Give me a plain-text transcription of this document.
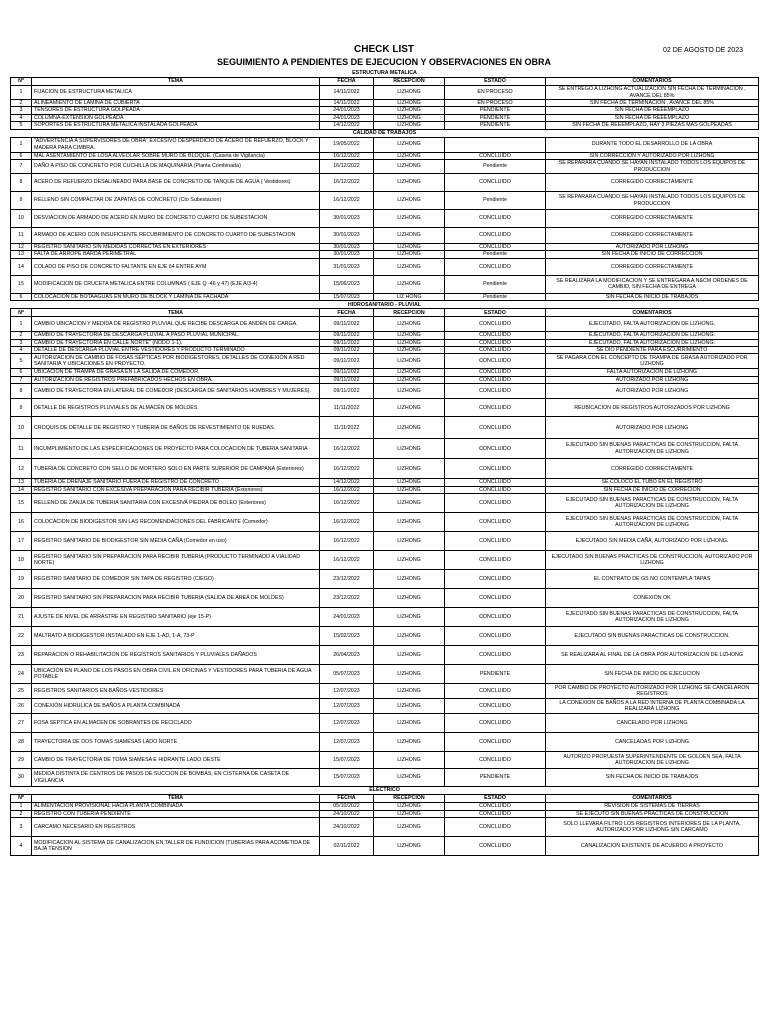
CHECK LIST
SEGUIMIENTO A PENDIENTES DE EJECUCION Y OBSERVACIONES EN OBRA
02 DE AGOSTO DE 2023
ESTRUCTURA METALICA					
Nº	TEMA	FECHA	RECEPCION	ESTADO	COMENTARIOS
1	FIJACION DE ESTRUCTURA METALICA	14/11/2022	LIZHONG	EN PROCESO	SE ENTREGO A LIZHONG ACTUALIZACION SIN FECHA DE TERMINACION , AVANCE DEL 85%
2	ALINEAMIENTO DE LAMINA DE CUBIERTA	14/11/2022	LIZHONG	EN PROCESO	SIN FECHA DE TERMINACION , AVANCE DEL 85%
3	TENSORES DE ESTRUCTURA GOLPEADA	24/01/2023	LIZHONG	PENDIENTE	SIN FECHA DE REEEMPLAZO
4	COLUMNA-EXTENSION GOLPEADA	24/01/2023	LIZHONG	PENDIENTE	SIN FECHA DE REEEMPLAZO
5	SOPORTES DE ESTRUCTURA METALICA INSTALADA GOLPEADA	14/12/2022	LIZHONG	PENDIENTE	SIN FECHA DE REEEMPLAZO, HAY 3 PIEZAS MAS GOLPEADAS
CALIDAD DE TRABAJOS					
1	"ADVERTENCIA A SUPERVISORES DE OBRA" EXCESIVO DESPERDICIO DE ACERO DE REFUERZO, BLOCK Y MADERA PARA CIMBRA.	19/05/2022	LIZHONG		DURANTE TODO EL DESARROLLO DE LA OBRA
6	MAL ASENTAMIENTO DE LOSA ALVEOLAR SOBRE MURO DE BLOQUE. (Caseta de Vigilancia)	16/12/2022	LIZHONG	CONCLUIDO	SIN CORRECCION Y AUTORIZADO POR LIZHONG
7	DAÑO A PISO DE CONCRETO POR CUCHILLA DE MAQUINARIA (Planta Combinada)	16/12/2022	LIZHONG	Pendiente	SE REPARARA CUANDO SE HAYAN INSTALADO TODOS LOS EQUIPOS DE PRODUCCION
8	ACERO DE REFUERZO DESALINEADO PARA BASE DE CONCRETO DE TANQUE DE AGUA ( Vestidores)	16/12/2022	LIZHONG	CONCLUIDO	CORREGIDO CORRECTAMENTE
9	RELLENO SIN COMPACTAR DE ZAPATAS DE CONCRETO (Cto Subestacion)	16/12/2022	LIZHONG	Pendiente	SE REPARARA CUANDO SE HAYAN INSTALADO TODOS LOS EQUIPOS DE PRODUCCION
10	DESVIACION DE ARMADO DE ACERO EN MURO DE CONCRETO CUARTO DE SUBESTACION	30/01/2023	LIZHONG	CONCLUIDO	CORREGIDO CORRECTAMENTE
11	ARMADO DE ACERO CON INSUFICIENTE RECUBRIMIENTO DE CONCRETO CUARTO DE SUBESTACION	30/01/2023	LIZHONG	CONCLUIDO	CORREGIDO CORRECTAMENTE
12	REGISTRO SANITARIO SIN MEDIDAS CORRECTAS EN EXTERIORES	30/01/2023	LIZHONG	CONCLUIDO	AUTORIZADO POR LIZHONG
13	FALTA DE ARROPE BARDA PERIMETRAL	30/01/2023	LIZHONG	Pendiente	SIN FECHA DE INICIO DE CORRECCION
14	COLADO DE PISO DE CONCRETO FALTANTE EN EJE 64 ENTRE AYM	31/01/2023	LIZHONG	CONCLUIDO	CORREGIDO CORRECTAMENTE
15	MODIFICACION DE CRUCETA METALICA ENTRE COLUMNAS ( EJE Q -46 y 47) (EJE A/3-4)	15/06/2023	LIZHONG	Pendiente	SE REALIZARA LA MODIFICACION Y SE ENTREGARA A N&CM ORDENES DE CAMBIO, SIN FECHA DE ENTREGA
6	COLOCACION DE BOTAAGUAS EN MURO DE BLOCK Y LAMINA DE FACHADA	15/07/2023	LIZ HONG	Pendiente	SIN FECHA DE INICIO DE TRABAJOS
HIDROSANITARIO - PLUVIAL					
Nº	TEMA	FECHA	RECEPCION	ESTADO	COMENTARIOS
1	CAMBIO UBICACION Y MEDIDA DE REGISTRO PLUVIAL QUE RECIBE DESCARGA DE ANDÉN DE CARGA.	09/11/2022	LIZHONG	CONCLUIDO	EJECUTADO, FALTA AUTORIZACION DE LIZHONG.
2	CAMBIO DE TRAYECTORIA DE DESCARGA PLUVIAL A PASO PLUVIAL MUNICIPAL.	09/11/2022	LIZHONG	CONCLUIDO	EJECUTADO, FALTA AUTORIZACION DE LIZHONG.
3	CAMBIO DE TRAYECTORIA EN CALLE NORTE" (NODO 1-1).	09/11/2022	LIZHONG	CONCLUIDO	EJECUTADO, FALTA AUTORIZACION DE LIZHONG.
4	DETALLE DE DESCARGA PLUVIAL ENTRE VESTIDORES Y PRODUCTO TERMINADO	09/11/2022	LIZHONG	CONCLUIDO	SE DIO PENDIENTE PARA ESCURRIMIENTO
5	AUTORIZACION DE CAMBIO DE FOSAS SÉPTICAS POR BIODIGESTORES, DETALLES DE CONEXIÓN A RED SANITARIA Y UBICACIONES EN PROYECTO.	09/11/2022	LIZHONG	CONCLUIDO	SE PAGARA CON EL CONCEPTO DE TRAMPA DE GRASA AUTORIZADO POR LIZHONG
6	UBICACIÓN DE TRAMPA DE GRASA EN LA SALIDA DE COMEDOR.	09/11/2022	LIZHONG	CONCLUIDO	FALTA AUTORIZACION DE LIZHONG
7	AUTORIZACIÓN DE REGISTROS PREFABRICADOS HECHOS EN OBRA.	09/11/2022	LIZHONG	CONCLUIDO	AUTORIZADO POR LIZHONG
8	CAMBIO DE TRAYECTORIA EN LATERAL DE COMEDOR (DESCARGA DE SANITARIOS HOMBRES Y MUJERES).	09/11/2022	LIZHONG	CONCLUIDO	AUTORIZADO POR LIZHONG
9	DETALLE DE REGISTROS PLUVIALES DE ALMACÉN DE MOLDES.	11/11/2022	LIZHONG	CONCLUIDO	REUBICACION DE REGISTROS AUTORIZADOS POR LIZHONG
10	CROQUIS DE DETALLE DE REGISTRO Y TUBERIA DE BAÑOS DE REVESTIMIENTO DE RUEDAS.	11/11/2022	LIZHONG	CONCLUIDO	AUTORIZADO POR LIZHONG
11	INCUMPLIMIENTO DE LAS ESPECIFICACIONES DE PROYECTO PARA COLOCACION DE TUBERIA SANITARIA	16/12/2022	LIZHONG	CONCLUIDO	EJECUTADO SIN BUENAS PARACTICAS DE CONSTRUCCION, FALTA AUTORIZACION DE LIZHONG
12	TUBERIA DE CONCRETO CON SELLO DE MORTERO SOLO EN PARTE SUPERIOR DE CAMPANA (Exteriores)	16/12/2022	LIZHONG	CONCLUIDO	CORREGIDO CORRECTAMENTE
13	TUBERIA DE DRENAJE SANITARIO FUERA DE REGISTRO DE CONCRETO	14/12/2022	LIZHONG	CONCLUIDO	SE COLOCO EL TUBO EN EL REGISTRO
14	REGISTRO SANITARIO CON EXCESIVA PREPARACION PARA RECIBIR TUBERIA (Exteriores)	16/12/2022	LIZHONG	CONCLUIDO	SIN FECHA DE INICIO DE CORRECION
15	RELLENO DE ZANJA DE TUBERIA SANITARIA CON EXCESIVA PIEDRA DE BOLEO (Exteriores)	16/12/2022	LIZHONG	CONCLUIDO	EJECUTADO SIN BUENAS PARACTICAS DE CONSTRUCCION, FALTA AUTORIZACION DE LIZHONG
16	COLOCACION DE BIODIGESTOR SIN LAS RECOMENDACIONES DEL FABRICANTE (Comedor)	16/12/2022	LIZHONG	CONCLUIDO	EJECUTADO SIN BUENAS PARACTICAS DE CONSTRUCCION, FALTA AUTORIZACION DE LIZHONG
17	REGISTRO SANITARIO DE BIODIGESTOR SIN MEDIA CAÑA (Comedor en uso)	16/12/2022	LIZHONG	CONCLUIDO	EJECUTADO SIN MEDIA CAÑA, AUTORIZADO POR LIZHONG.
18	REGISTRO SANITARIO SIN PREPARACION PARA RECIBIR TUBERIA (PRODUCTO TERMINADO A VIALIDAD NORTE)	16/12/2022	LIZHONG	CONCLUIDO	EJECUTADO SIN BUENAS PRACTICAS DE CONSTRUCCION, AUTORIZADO POR LIZHONG
19	REGISTRO SANITARIO DE COMEDOR SIN TAPA DE REGISTRO (CIEGO)	23/12/2022	LIZHONG	CONCLUIDO	EL CONTRATO DE GS NO CONTEMPLA TAPAS
20	REGISTRO SANITARIO SIN PREPARACION PARA RECIBIR TUBERIA (SALIDA DE AREA DE MOLDES)	23/12/2022	LIZHONG	CONCLUIDO	CONEXIÓN OK
21	AJUSTE DE NIVEL DE ARRASTRE EN REGISTRO SANITARIO (eje 15-P)	24/01/2023	LIZHONG	CONCLUIDO	EJECUTADO SIN BUENAS PARACTICAS DE CONSTRUCCION, FALTA AUTORIZACION DE LIZHONG
22	MALTRATO A BIODIGESTOR INSTALADO EN EJE 1-AD, 1-A, 73-P	15/02/2023	LIZHONG	CONCLUIDO	EJECUTADO SIN BUENAS PARACTICAS DE CONSTRUCCION.
23	REPARACION O REHABILITACION DE REGISTROS SANITARIOS Y PLUVIALES DAÑADOS	26/04/2023	LIZHONG	CONCLUIDO	SE REALIZARA AL FINAL DE LA OBRA POR AUTORIZACION DE LIZHONG
24	UBICACIÓN EN PLANO DE LOS PASOS EN OBRA CIVIL EN OFICINAS Y VESTIDORES PARA TUBERIA DE AGUA POTABLE	05/07/2023	LIZHONG	PENDIENTE	SIN FECHA DE INICIO DE EJECUCION
25	REGISTROS SANITARIOS EN BAÑOS-VESTIDORES	12/07/2023	LIZHONG	CONCLUIDO	POR CAMBIO DE PROYECTO AUTORIZADO POR LIZHONG SE CANCELARON REGISTROS
26	CONEXIÓN HIDRULICA DE BAÑOS A PLANTA COMBINADA	12/07/2023	LIZHONG	CONCLUIDO	LA CONEXION DE BAÑOS A LA RED INTERNA DE PLANTA COMBINADA LA REALIZARÁ LIZHONG
27	FOSA SEPTICA EN ALMACEN DE SOBRANTES DE RECICLADO	12/07/2023	LIZHONG	CONCLUIDO	CANCELADO POR LIZHONG
28	TRAYECTORIA DE DOS TOMAS SIAMESAS LADO NORTE	12/07/2023	LIZHONG	CONCLUIDO	CANCELADAS POR LIZHONG
29	CAMBIO DE TRAYECTORIA DE TOMA SIAMESA E HIDRANTE LADO OESTE	15/07/2023	LIZHONG	CONCLUIDO	AUTORIZO PROPUESTA SUPERINTENDENTE DE GOLDEN SEA, FALTA AUTORIZACION DE LIZHONG
30	MEDIDA DISTINTA DE CENTROS DE PASOS DE SUCCION DE BOMBAS, EN CISTERNA DE CASETA DE VIGILANCIA	15/07/2023	LIZHONG	PENDIENTE	SIN FECHA DE INICIO DE TRABAJOS
ELECTRICO					
Nº	TEMA	FECHA	RECEPCION	ESTADO	COMENTARIOS
1	ALIMENTACION PROVISIONAL HACIA PLANTA COMBINADA	05/10/2022	LIZHONG	CONCLUIDO	REVISION DE SISTEMAS DE TIERRAS
2	REGISTRO CON TUBERIA PENDIENTE	24/10/2022	LIZHONG	CONCLUIDO	SE EJECUTO SIN BUENAS PRACTICAS DE CONSTRUCCION
3	CARCAMO NECESARIO EN REGISTROS	24/10/2022	LIZHONG	CONCLUIDO	SOLO LLEVARA FILTRO LOS REGISTROS INTERIORES DE LA PLANTA, AUTORIZADO POR LIZHONG SIN CARCAMO
4	MODIFICACION AL SISTEMA DE CANALIZACION EN TALLER DE FUNDICION (TUBERIAS PARA ACOMETIDA DE BAJA TENSION	02/11/2022	LIZHONG	CONCLUIDO	CANALIZACION EXISTENTE DE ACUERDO A PROYECTO
